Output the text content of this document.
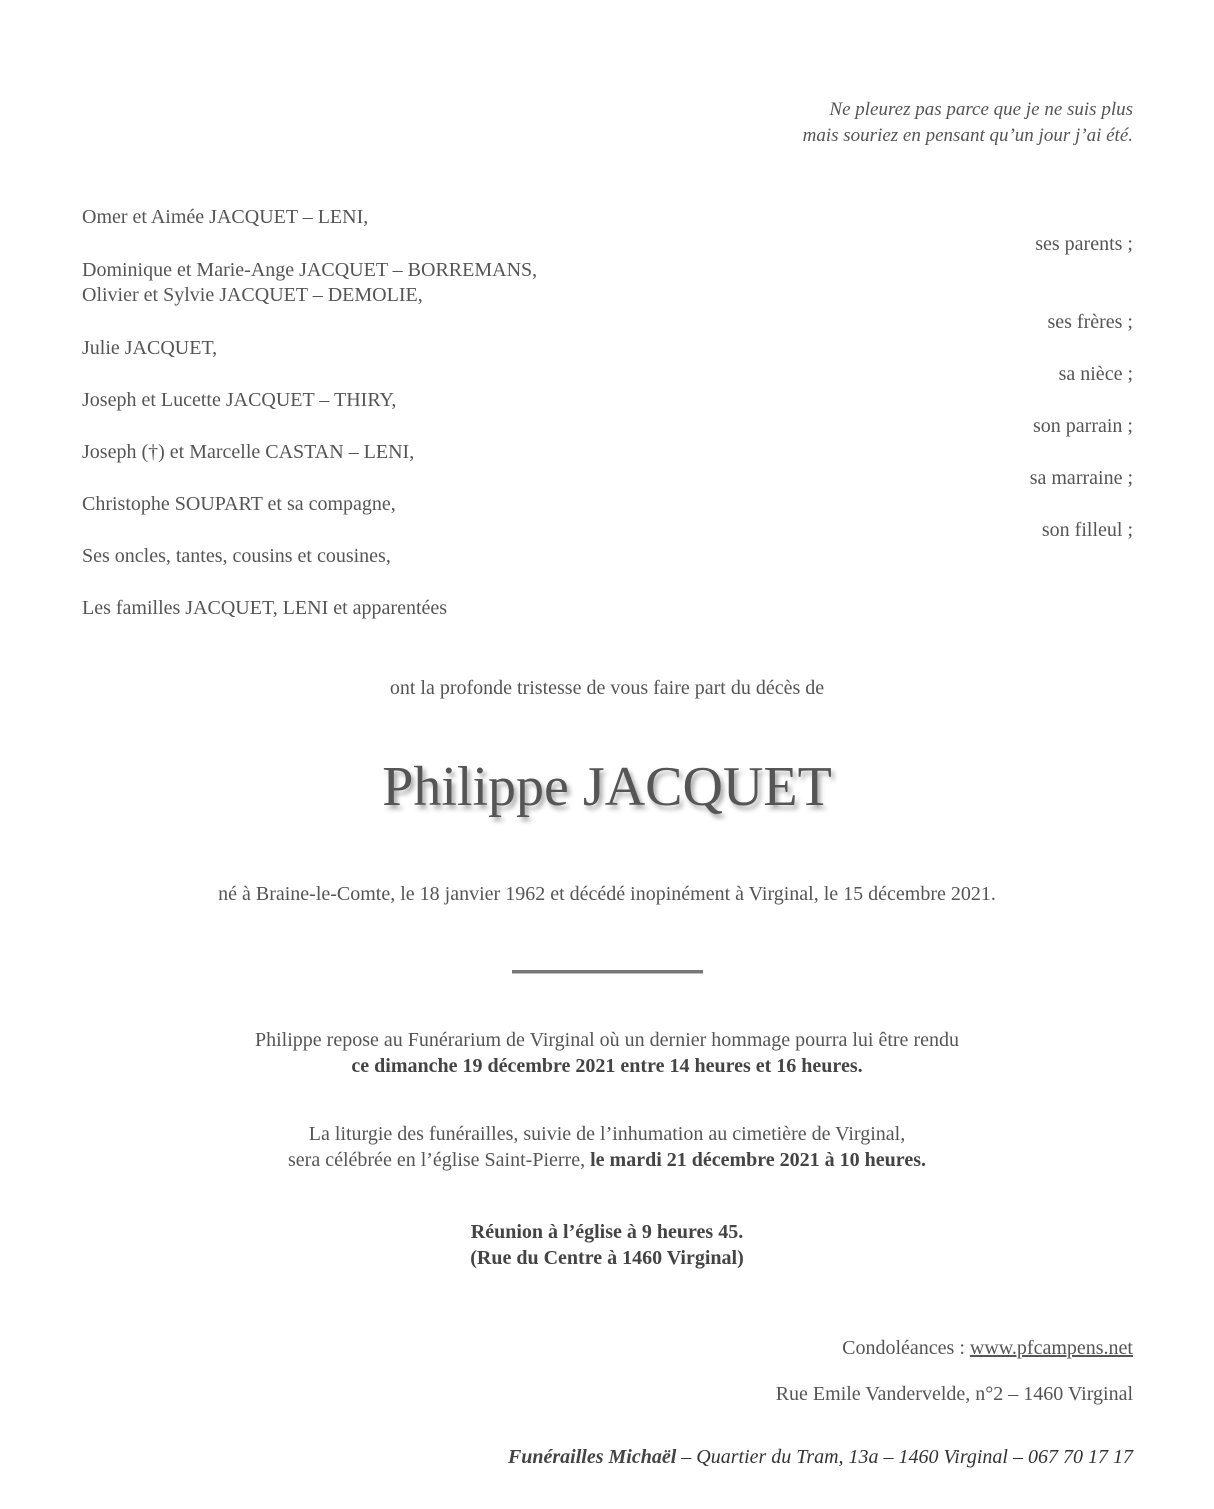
Ne pleurez pas parce que je ne suis plus
mais souriez en pensant qu’un jour j’ai été.
Omer et Aimée JACQUET – LENI,
Dominique et Marie-Ange JACQUET – BORREMANS,
Olivier et Sylvie JACQUET – DEMOLIE,
Julie JACQUET,
Joseph et Lucette JACQUET – THIRY,
Joseph (†) et Marcelle CASTAN – LENI,
Christophe SOUPART et sa compagne,
Ses oncles, tantes, cousins et cousines,
Les familles JACQUET, LENI et apparentées
ses parents ;
ses frères ;
sa nièce ;
son parrain ;
sa marraine ;
son filleul ;
ont la profonde tristesse de vous faire part du décès de
Philippe JACQUET
né à Braine-le-Comte, le 18 janvier 1962 et décédé inopinément à Virginal, le 15 décembre 2021.
Philippe repose au Funérarium de Virginal où un dernier hommage pourra lui être rendu
ce dimanche 19 décembre 2021 entre 14 heures et 16 heures.
La liturgie des funérailles, suivie de l’inhumation au cimetière de Virginal,
sera célébrée en l’église Saint-Pierre, le mardi 21 décembre 2021 à 10 heures.
Réunion à l’église à 9 heures 45.
(Rue du Centre à 1460 Virginal)
Condoléances : www.pfcampens.net
Rue Emile Vandervelde, n°2 – 1460 Virginal
Funérailles Michaël – Quartier du Tram, 13a – 1460 Virginal – 067 70 17 17
